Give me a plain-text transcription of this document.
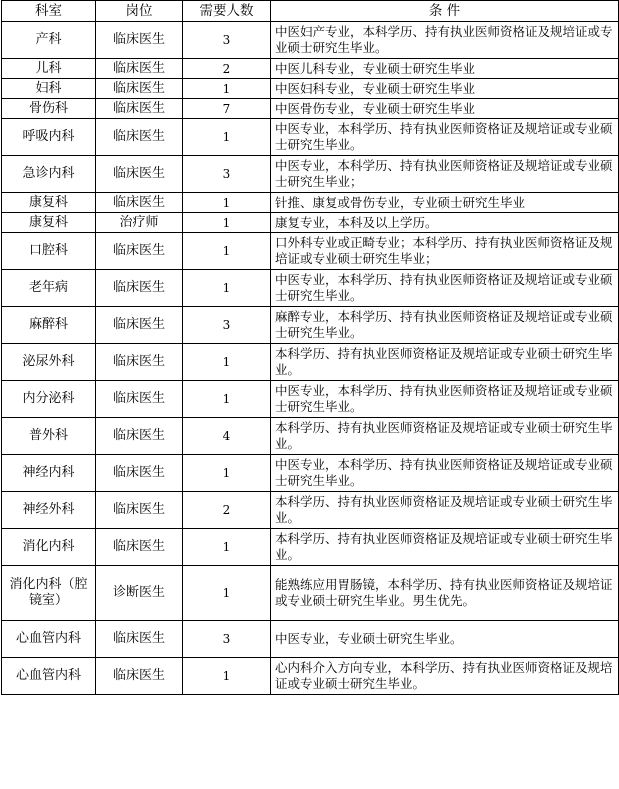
科室	岗位	需要人数	条 件
产科	临床医生	3	中医妇产专业，本科学历、持有执业医师资格证及规培证或专业硕士研究生毕业。
儿科	临床医生	2	中医儿科专业，专业硕士研究生毕业
妇科	临床医生	1	中医妇科专业，专业硕士研究生毕业
骨伤科	临床医生	7	中医骨伤专业，专业硕士研究生毕业
呼吸内科	临床医生	1	中医专业，本科学历、持有执业医师资格证及规培证或专业硕士研究生毕业。
急诊内科	临床医生	3	中医专业，本科学历、持有执业医师资格证及规培证或专业硕士研究生毕业；
康复科	临床医生	1	针推、康复或骨伤专业，专业硕士研究生毕业
康复科	治疗师	1	康复专业，本科及以上学历。
口腔科	临床医生	1	口外科专业或正畸专业；本科学历、持有执业医师资格证及规培证或专业硕士研究生毕业；
老年病	临床医生	1	中医专业，本科学历、持有执业医师资格证及规培证或专业硕士研究生毕业。
麻醉科	临床医生	3	麻醉专业，本科学历、持有执业医师资格证及规培证或专业硕士研究生毕业。
泌尿外科	临床医生	1	本科学历、持有执业医师资格证及规培证或专业硕士研究生毕业。
内分泌科	临床医生	1	中医专业，本科学历、持有执业医师资格证及规培证或专业硕士研究生毕业。
普外科	临床医生	4	本科学历、持有执业医师资格证及规培证或专业硕士研究生毕业。
神经内科	临床医生	1	中医专业，本科学历、持有执业医师资格证及规培证或专业硕士研究生毕业。
神经外科	临床医生	2	本科学历、持有执业医师资格证及规培证或专业硕士研究生毕业。
消化内科	临床医生	1	本科学历、持有执业医师资格证及规培证或专业硕士研究生毕业。
消化内科（腔镜室）	诊断医生	1	能熟练应用胃肠镜，本科学历、持有执业医师资格证及规培证或专业硕士研究生毕业。男生优先。
心血管内科	临床医生	3	中医专业，专业硕士研究生毕业。
心血管内科	临床医生	1	心内科介入方向专业，本科学历、持有执业医师资格证及规培证或专业硕士研究生毕业。
